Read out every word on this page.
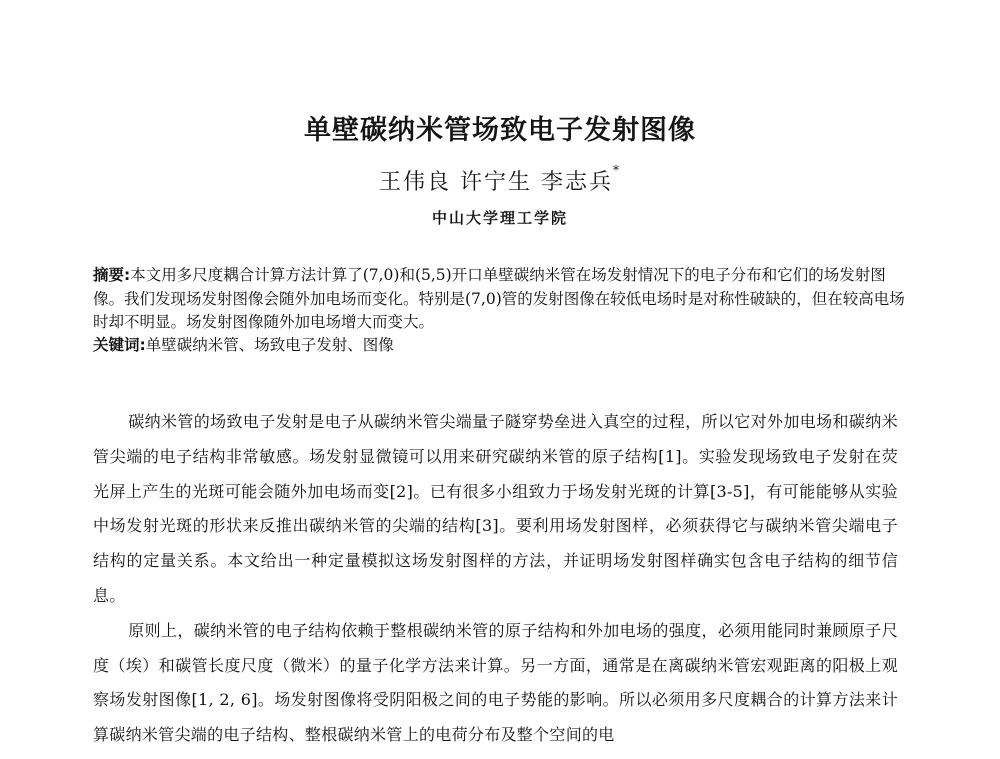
单壁碳纳米管场致电子发射图像
王伟良 许宁生 李志兵*
中山大学理工学院
摘要:本文用多尺度耦合计算方法计算了(7,0)和(5,5)开口单壁碳纳米管在场发射情况下的电子分布和它们的场发射图像。我们发现场发射图像会随外加电场而变化。特别是(7,0)管的发射图像在较低电场时是对称性破缺的，但在较高电场时却不明显。场发射图像随外加电场增大而变大。
关键词:单壁碳纳米管、场致电子发射、图像

碳纳米管的场致电子发射是电子从碳纳米管尖端量子隧穿势垒进入真空的过程，所以它对外加电场和碳纳米管尖端的电子结构非常敏感。场发射显微镜可以用来研究碳纳米管的原子结构[1]。实验发现场致电子发射在荧光屏上产生的光斑可能会随外加电场而变[2]。已有很多小组致力于场发射光斑的计算[3-5]，有可能能够从实验中场发射光斑的形状来反推出碳纳米管的尖端的结构[3]。要利用场发射图样，必须获得它与碳纳米管尖端电子结构的定量关系。本文给出一种定量模拟这场发射图样的方法，并证明场发射图样确实包含电子结构的细节信息。

原则上，碳纳米管的电子结构依赖于整根碳纳米管的原子结构和外加电场的强度，必须用能同时兼顾原子尺度（埃）和碳管长度尺度（微米）的量子化学方法来计算。另一方面，通常是在离碳纳米管宏观距离的阳极上观察场发射图像[1, 2, 6]。场发射图像将受阴阳极之间的电子势能的影响。所以必须用多尺度耦合的计算方法来计算碳纳米管尖端的电子结构、整根碳纳米管上的电荷分布及整个空间的电
